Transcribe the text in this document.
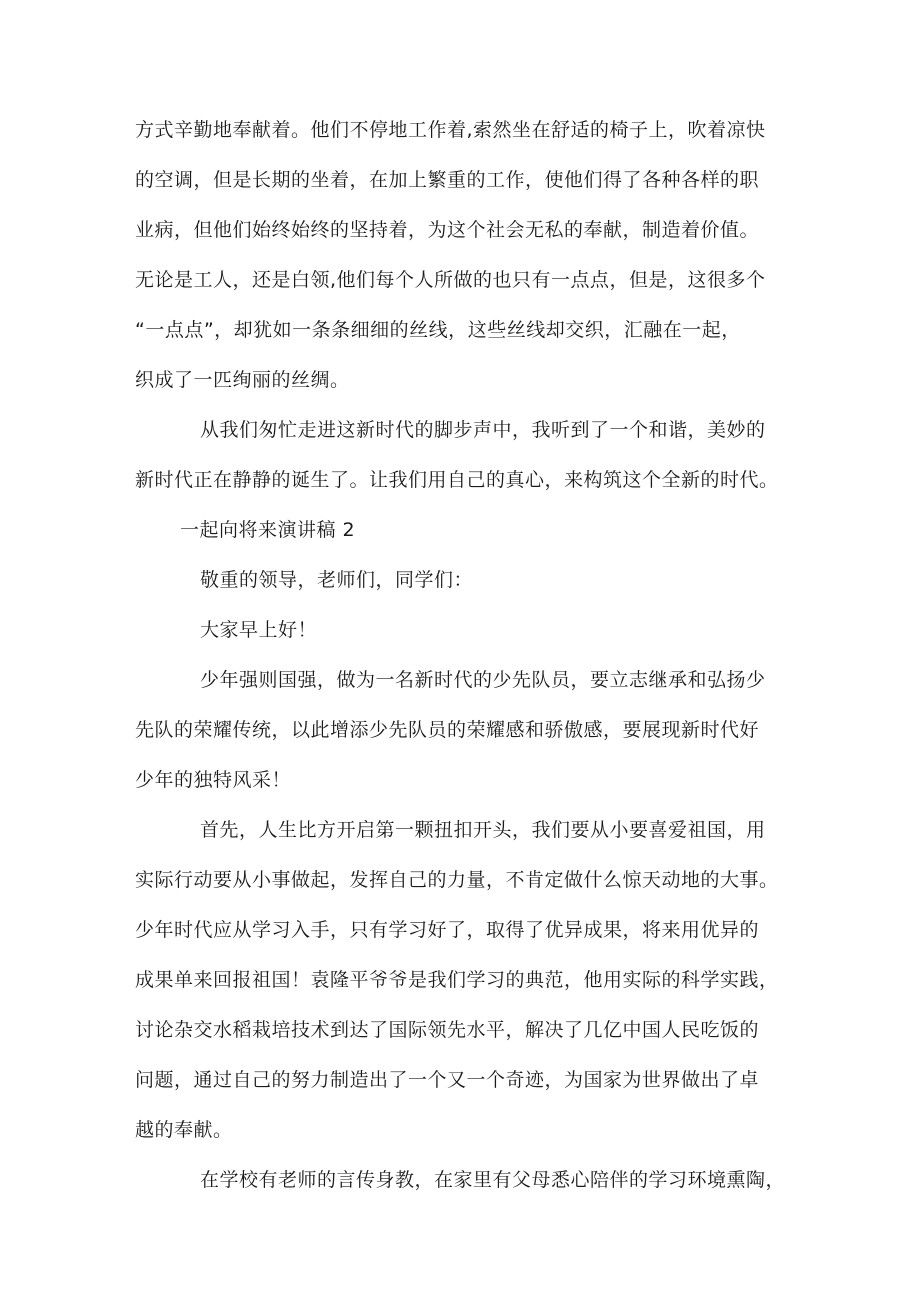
方式辛勤地奉献着。他们不停地工作着,索然坐在舒适的椅子上，吹着凉快

的空调，但是长期的坐着，在加上繁重的工作，使他们得了各种各样的职

业病，但他们始终始终的坚持着，为这个社会无私的奉献，制造着价值。

无论是工人，还是白领,他们每个人所做的也只有一点点，但是，这很多个

“一点点”，却犹如一条条细细的丝线，这些丝线却交织，汇融在一起，

织成了一匹绚丽的丝绸。

从我们匆忙走进这新时代的脚步声中，我听到了一个和谐，美妙的

新时代正在静静的诞生了。让我们用自己的真心，来构筑这个全新的时代。

一起向将来演讲稿 2

敬重的领导，老师们，同学们：

大家早上好！

少年强则国强，做为一名新时代的少先队员，要立志继承和弘扬少

先队的荣耀传统，以此增添少先队员的荣耀感和骄傲感，要展现新时代好

少年的独特风采！

首先，人生比方开启第一颗扭扣开头，我们要从小要喜爱祖国，用

实际行动要从小事做起，发挥自己的力量，不肯定做什么惊天动地的大事。

少年时代应从学习入手，只有学习好了，取得了优异成果，将来用优异的

成果单来回报祖国！袁隆平爷爷是我们学习的典范，他用实际的科学实践，

讨论杂交水稻栽培技术到达了国际领先水平，解决了几亿中国人民吃饭的

问题，通过自己的努力制造出了一个又一个奇迹，为国家为世界做出了卓

越的奉献。

在学校有老师的言传身教，在家里有父母悉心陪伴的学习环境熏陶，
